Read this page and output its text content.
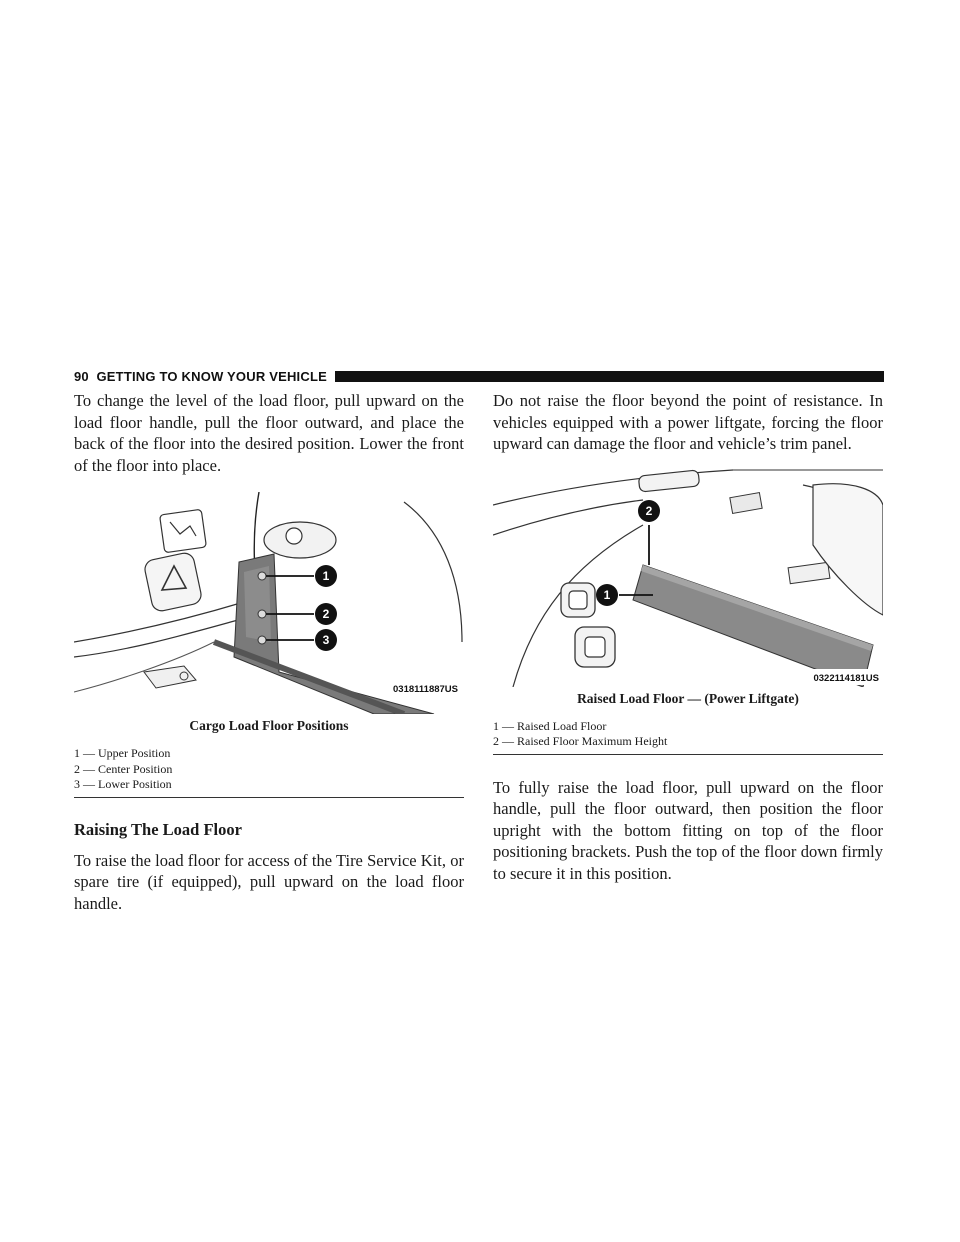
90 GETTING TO KNOW YOUR VEHICLE

To change the level of the load floor, pull upward on the load floor handle, pull the floor outward, and place the back of the floor into the desired position. Lower the front of the floor into place.

1
2
3
0318111887US

Cargo Load Floor Positions

1 — Upper Position

2 — Center Position

3 — Lower Position

Raising The Load Floor

To raise the load floor for access of the Tire Service Kit, or spare tire (if equipped), pull upward on the load floor handle.

Do not raise the floor beyond the point of resistance. In vehicles equipped with a power liftgate, forcing the floor upward can damage the floor and vehicle’s trim panel.

2
1
0322114181US

Raised Load Floor — (Power Liftgate)

1 — Raised Load Floor

2 — Raised Floor Maximum Height

To fully raise the load floor, pull upward on the floor handle, pull the floor outward, then position the floor upright with the bottom fitting on top of the floor positioning brackets. Push the top of the floor down firmly to secure it in this position.
